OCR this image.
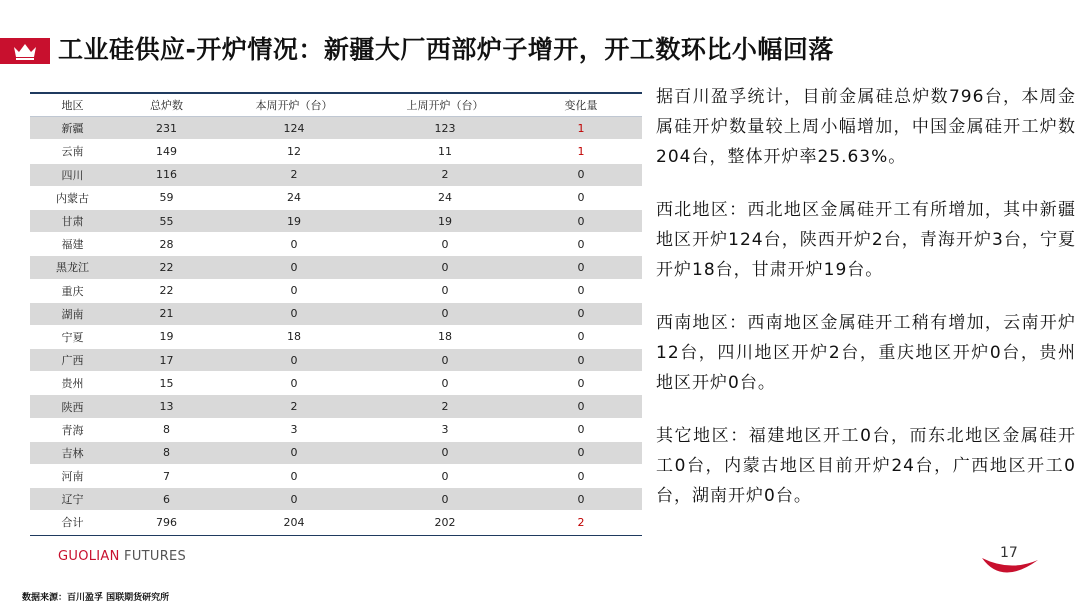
工业硅供应-开炉情况：新疆大厂西部炉子增开，开工数环比小幅回落
地区	总炉数	本周开炉（台）	上周开炉（台）	变化量
新疆	231	124	123	1
云南	149	12	11	1
四川	116	2	2	0
内蒙古	59	24	24	0
甘肃	55	19	19	0
福建	28	0	0	0
黑龙江	22	0	0	0
重庆	22	0	0	0
湖南	21	0	0	0
宁夏	19	18	18	0
广西	17	0	0	0
贵州	15	0	0	0
陕西	13	2	2	0
青海	8	3	3	0
吉林	8	0	0	0
河南	7	0	0	0
辽宁	6	0	0	0
合计	796	204	202	2

据百川盈孚统计，目前金属硅总炉数796台，本周金属硅开炉数量较上周小幅增加，中国金属硅开工炉数204台，整体开炉率25.63%。

西北地区：西北地区金属硅开工有所增加，其中新疆地区开炉124台，陕西开炉2台，青海开炉3台，宁夏开炉18台，甘肃开炉19台。

西南地区：西南地区金属硅开工稍有增加，云南开炉12台，四川地区开炉2台，重庆地区开炉0台，贵州地区开炉0台。

其它地区：福建地区开工0台，而东北地区金属硅开工0台，内蒙古地区目前开炉24台，广西地区开工0台，湖南开炉0台。

GUOLIAN FUTURES	17
数据来源：百川盈孚 国联期货研究所
